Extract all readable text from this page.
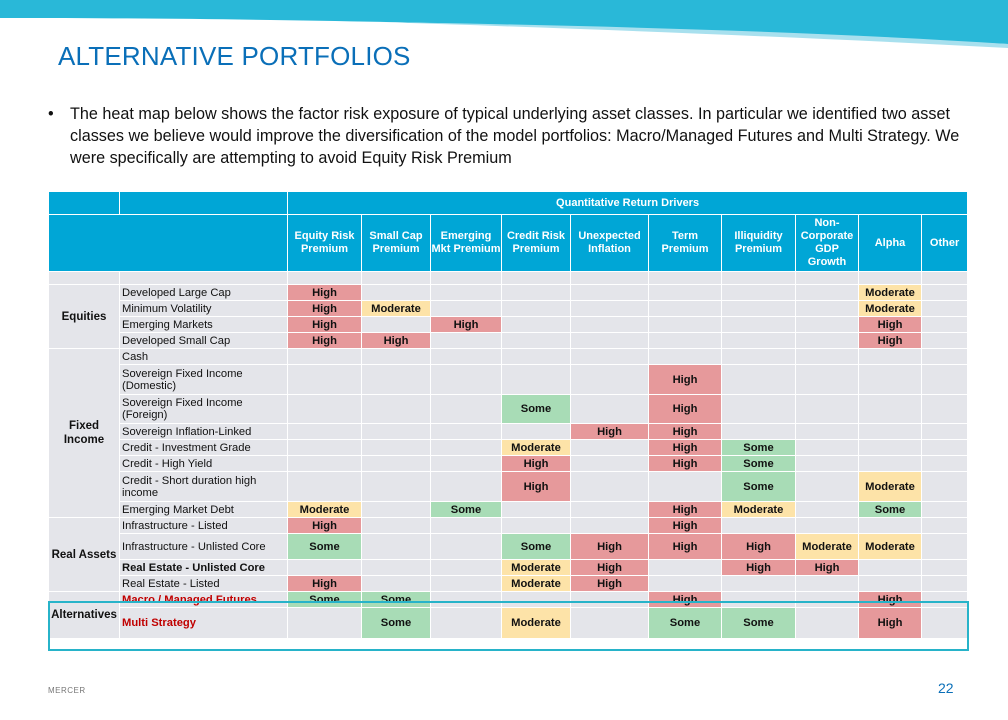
ALTERNATIVE PORTFOLIOS
•	The heat map below shows the factor risk exposure of typical underlying asset classes. In particular we identified two asset classes we believe would improve the diversification of the model portfolios: Macro/Managed Futures and Multi Strategy. We were specifically are attempting to avoid Equity Risk Premium
		Quantitative Return Drivers									
		Equity Risk Premium	Small Cap Premium	Emerging Mkt Premium	Credit Risk Premium	Unexpected Inflation	Term Premium	Illiquidity Premium	Non-Corporate GDP Growth	Alpha	Other

Equities	Developed Large Cap	High								Moderate	
	Minimum Volatility	High	Moderate							Moderate	
	Emerging Markets	High		High						High	
	Developed Small Cap	High	High							High	
Fixed Income	Cash										
	Sovereign Fixed Income (Domestic)						High				
	Sovereign Fixed Income (Foreign)				Some		High				
	Sovereign Inflation-Linked					High	High				
	Credit - Investment Grade				Moderate		High	Some			
	Credit - High Yield				High		High	Some			
	Credit - Short duration high income				High			Some		Moderate	
	Emerging Market Debt	Moderate		Some			High	Moderate		Some	
Real Assets	Infrastructure - Listed	High					High				
	Infrastructure - Unlisted Core	Some			Some	High	High	High	Moderate	Moderate	
	Real Estate - Unlisted Core				Moderate	High		High	High		
	Real Estate - Listed	High			Moderate	High					
Alternatives	Macro / Managed Futures	Some	Some				High			High	
	Multi Strategy		Some		Moderate		Some	Some		High	
MERCER	22
